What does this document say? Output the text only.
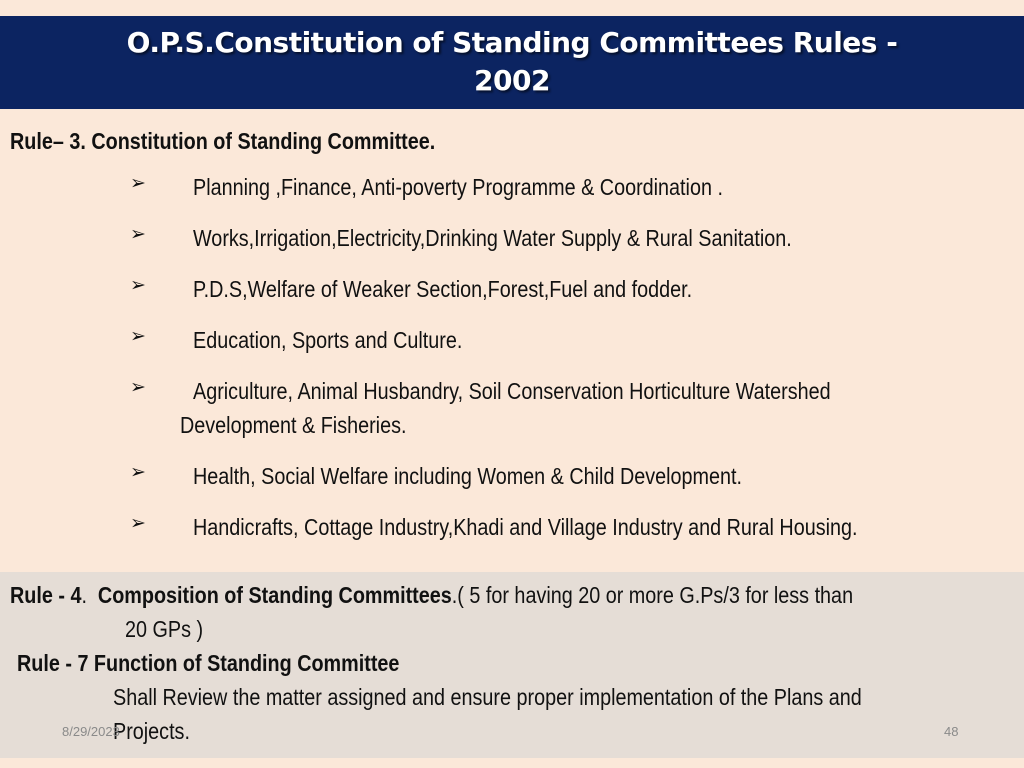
O.P.S.Constitution of Standing Committees Rules -
2002
Rule– 3. Constitution of Standing Committee.
➢ Planning ,Finance, Anti-poverty Programme & Coordination .
➢ Works,Irrigation,Electricity,Drinking Water Supply & Rural Sanitation.
➢ P.D.S,Welfare of Weaker Section,Forest,Fuel and fodder.
➢ Education, Sports and Culture.
➢ Agriculture, Animal Husbandry, Soil Conservation Horticulture Watershed
Development & Fisheries.
➢ Health, Social Welfare including Women & Child Development.
➢ Handicrafts, Cottage Industry,Khadi and Village Industry and Rural Housing.
Rule - 4. Composition of Standing Committees.( 5 for having 20 or more G.Ps/3 for less than
20 GPs )
Rule - 7 Function of Standing Committee
Shall Review the matter assigned and ensure proper implementation of the Plans and
Projects.
8/29/2023	48
